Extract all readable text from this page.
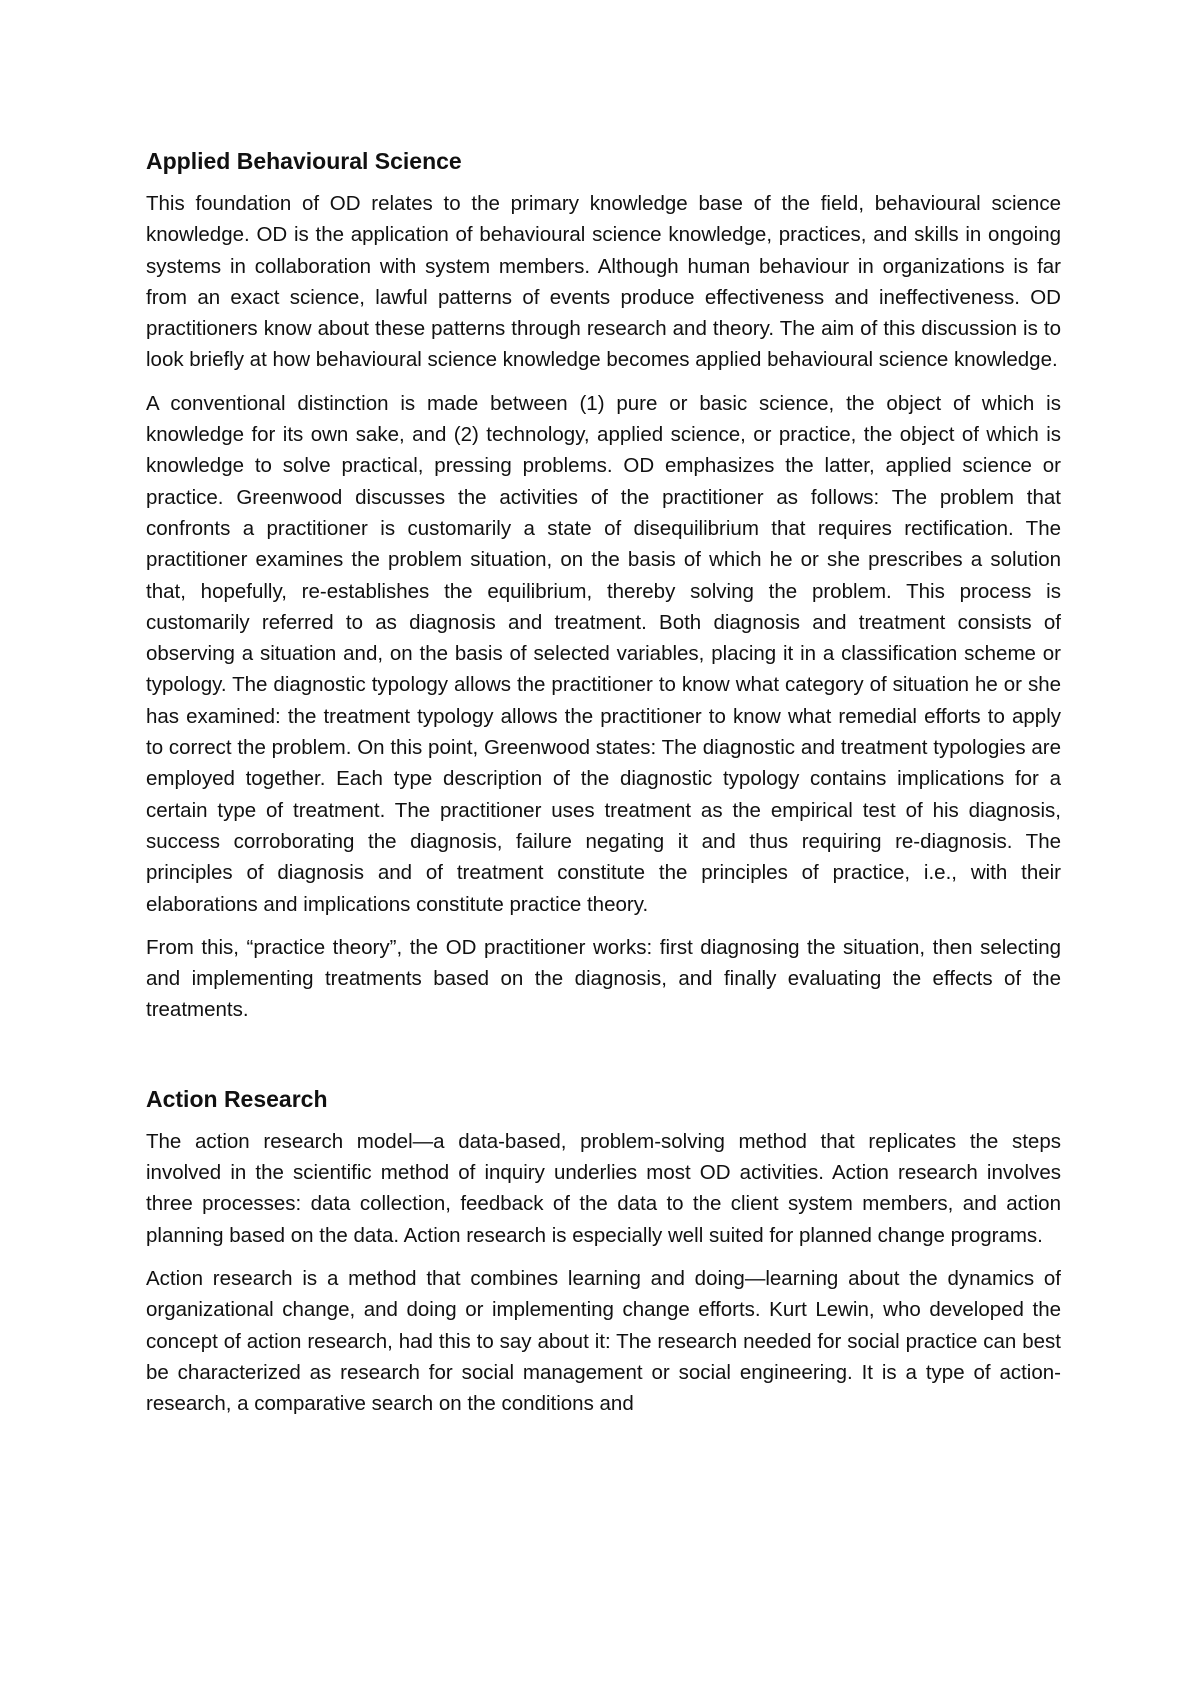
Applied Behavioural Science

This foundation of OD relates to the primary knowledge base of the field, behavioural science knowledge. OD is the application of behavioural science knowledge, practices, and skills in ongoing systems in collaboration with system members. Although human behaviour in organizations is far from an exact science, lawful patterns of events produce effectiveness and ineffectiveness. OD practitioners know about these patterns through research and theory. The aim of this discussion is to look briefly at how behavioural science knowledge becomes applied behavioural science knowledge.

A conventional distinction is made between (1) pure or basic science, the object of which is knowledge for its own sake, and (2) technology, applied science, or practice, the object of which is knowledge to solve practical, pressing problems. OD emphasizes the latter, applied science or practice. Greenwood discusses the activities of the practitioner as follows: The problem that confronts a practitioner is customarily a state of disequilibrium that requires rectification. The practitioner examines the problem situation, on the basis of which he or she prescribes a solution that, hopefully, re-establishes the equilibrium, thereby solving the problem. This process is customarily referred to as diagnosis and treatment. Both diagnosis and treatment consists of observing a situation and, on the basis of selected variables, placing it in a classification scheme or typology. The diagnostic typology allows the practitioner to know what category of situation he or she has examined: the treatment typology allows the practitioner to know what remedial efforts to apply to correct the problem. On this point, Greenwood states: The diagnostic and treatment typologies are employed together. Each type description of the diagnostic typology contains implications for a certain type of treatment. The practitioner uses treatment as the empirical test of his diagnosis, success corroborating the diagnosis, failure negating it and thus requiring re-diagnosis. The principles of diagnosis and of treatment constitute the principles of practice, i.e., with their elaborations and implications constitute practice theory.

From this, “practice theory”, the OD practitioner works: first diagnosing the situation, then selecting and implementing treatments based on the diagnosis, and finally evaluating the effects of the treatments.

Action Research

The action research model—a data-based, problem-solving method that replicates the steps involved in the scientific method of inquiry underlies most OD activities. Action research involves three processes: data collection, feedback of the data to the client system members, and action planning based on the data. Action research is especially well suited for planned change programs.

Action research is a method that combines learning and doing—learning about the dynamics of organizational change, and doing or implementing change efforts. Kurt Lewin, who developed the concept of action research, had this to say about it: The research needed for social practice can best be characterized as research for social management or social engineering. It is a type of action-research, a comparative search on the conditions and
